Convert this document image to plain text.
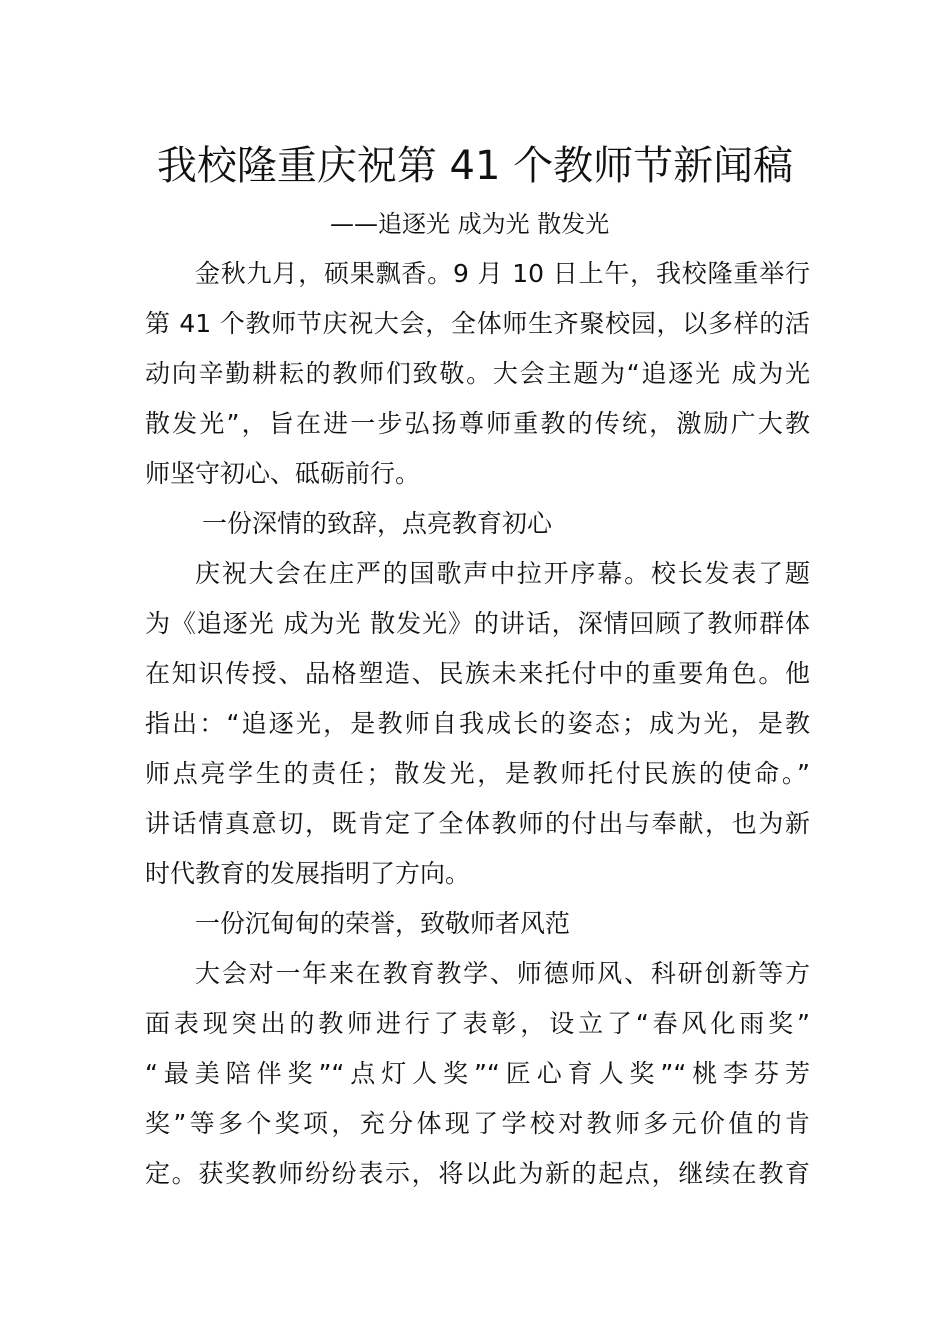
我校隆重庆祝第 41 个教师节新闻稿
——追逐光 成为光 散发光
金秋九月，硕果飘香。9 月 10 日上午，我校隆重举行
第 41 个教师节庆祝大会，全体师生齐聚校园，以多样的活
动向辛勤耕耘的教师们致敬。大会主题为“追逐光 成为光
散发光”，旨在进一步弘扬尊师重教的传统，激励广大教
师坚守初心、砥砺前行。
一份深情的致辞，点亮教育初心
庆祝大会在庄严的国歌声中拉开序幕。校长发表了题
为《追逐光 成为光 散发光》的讲话，深情回顾了教师群体
在知识传授、品格塑造、民族未来托付中的重要角色。他
指出：“追逐光，是教师自我成长的姿态；成为光，是教
师点亮学生的责任；散发光，是教师托付民族的使命。”
讲话情真意切，既肯定了全体教师的付出与奉献，也为新
时代教育的发展指明了方向。
一份沉甸甸的荣誉，致敬师者风范
大会对一年来在教育教学、师德师风、科研创新等方
面表现突出的教师进行了表彰，设立了“春风化雨奖”
“最美陪伴奖”“点灯人奖”“匠心育人奖”“桃李芬芳
奖”等多个奖项，充分体现了学校对教师多元价值的肯
定。获奖教师纷纷表示，将以此为新的起点，继续在教育
